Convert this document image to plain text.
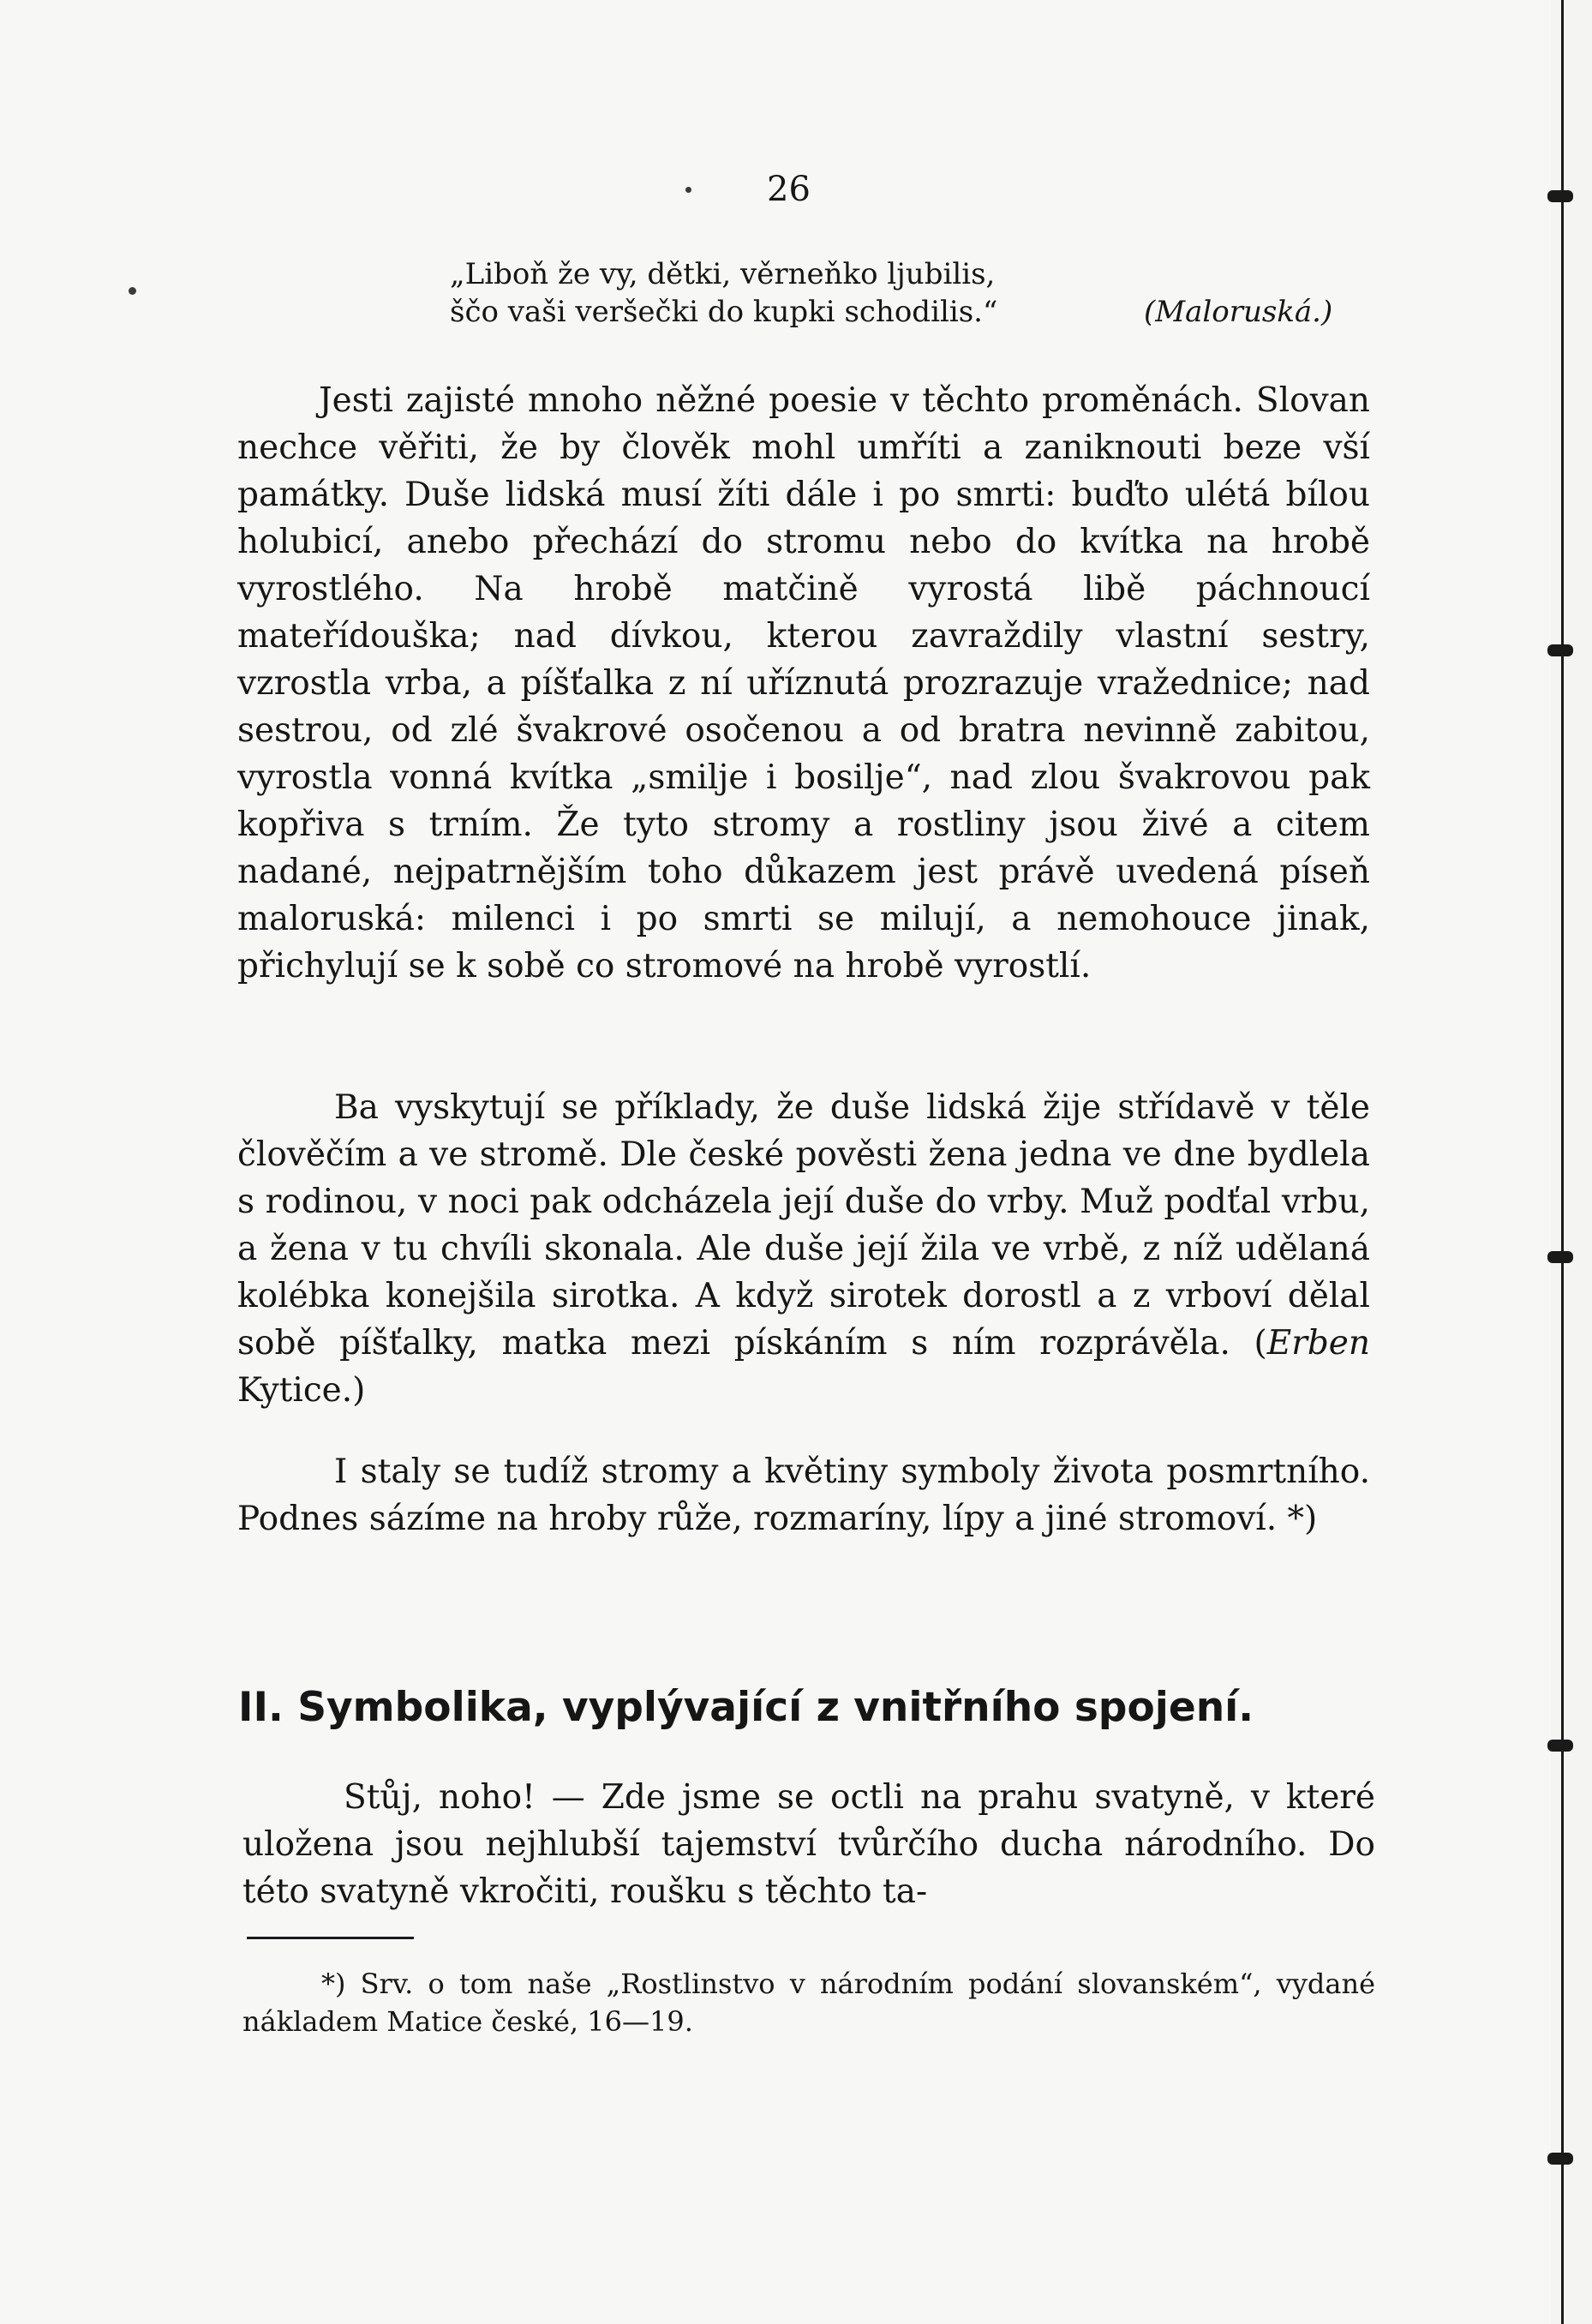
26
„Liboň že vy, dětki, věrneňko ljubilis,
ščo vaši veršečki do kupki schodilis.“	(Maloruská.)

Jesti zajisté mnoho něžné poesie v těchto proměnách. Slovan nechce věřiti, že by člověk mohl umříti a zaniknouti beze vší památky. Duše lidská musí žíti dále i po smrti: buďto ulétá bílou holubicí, anebo přechází do stromu nebo do kvítka na hrobě vyrostlého. Na hrobě matčině vyrostá libě páchnoucí mateřídouška; nad dívkou, kterou zavraždily vlastní sestry, vzrostla vrba, a píšťalka z ní uříznutá prozrazuje vražednice; nad sestrou, od zlé švakrové osočenou a od bratra nevinně zabitou, vyrostla vonná kvítka „smilje i bosilje“, nad zlou švakrovou pak kopřiva s trním. Že tyto stromy a rostliny jsou živé a citem nadané, nejpatrnějším toho důkazem jest právě uvedená píseň maloruská: milenci i po smrti se milují, a nemohouce jinak, přichylují se k sobě co stromové na hrobě vyrostlí.

Ba vyskytují se příklady, že duše lidská žije střídavě v těle člověčím a ve stromě. Dle české pověsti žena jedna ve dne bydlela s rodinou, v noci pak odcházela její duše do vrby. Muž podťal vrbu, a žena v tu chvíli skonala. Ale duše její žila ve vrbě, z níž udělaná kolébka konejšila sirotka. A když sirotek dorostl a z vrboví dělal sobě píšťalky, matka mezi pískáním s ním rozprávěla. (Erben Kytice.)

I staly se tudíž stromy a květiny symboly života posmrtního. Podnes sázíme na hroby růže, rozmaríny, lípy a jiné stromoví. *)

II. Symbolika, vyplývající z vnitřního spojení.

Stůj, noho! — Zde jsme se octli na prahu svatyně, v které uložena jsou nejhlubší tajemství tvůrčího ducha národního. Do této svatyně vkročiti, roušku s těchto ta-

*) Srv. o tom naše „Rostlinstvo v národním podání slovanském“, vydané nákladem Matice české, 16—19.
